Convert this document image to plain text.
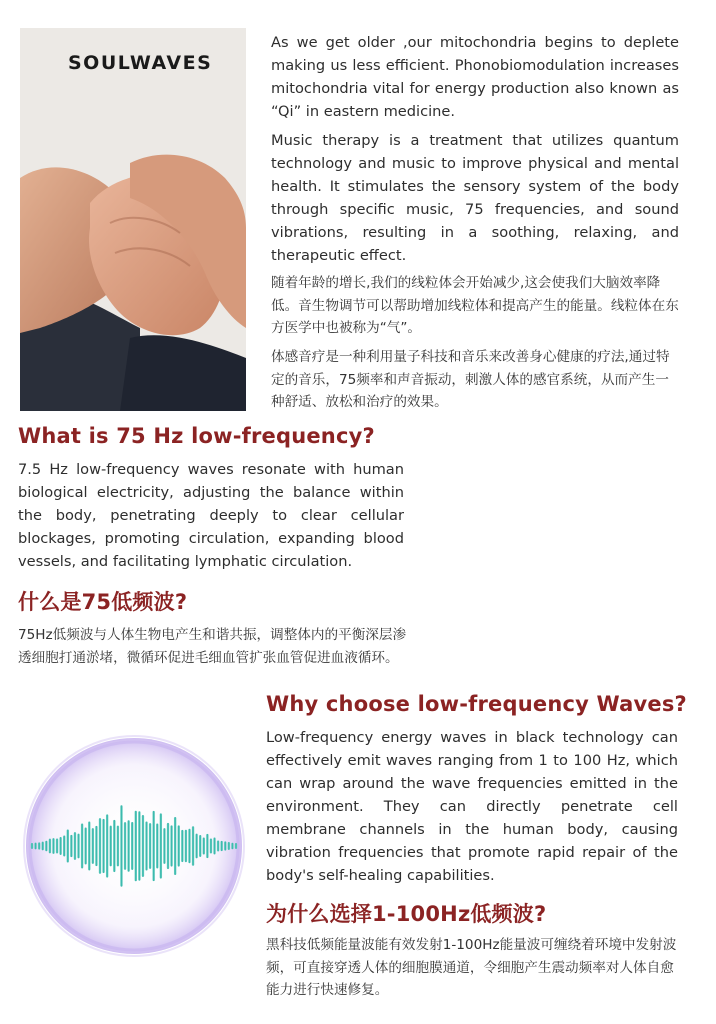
SOULWAVES

As we get older ,our mitochondria begins to deplete making us less efficient. Phonobiomodulation increases mitochondria vital for energy production also known as “Qi” in eastern medicine.

Music therapy is a treatment that utilizes quantum technology and music to improve physical and mental health. It stimulates the sensory system of the body through specific music, 75 frequencies, and sound vibrations, resulting in a soothing, relaxing, and therapeutic effect.

随着年龄的增长,我们的线粒体会开始减少,这会使我们大脑效率降低。音生物调节可以帮助增加线粒体和提高产生的能量。线粒体在东方医学中也被称为“气”。

体感音疗是一种利用量子科技和音乐来改善身心健康的疗法,通过特定的音乐，75频率和声音振动，刺激人体的感官系统，从而产生一种舒适、放松和治疗的效果。

What is 75 Hz low-frequency?

7.5 Hz low-frequency waves resonate with human biological electricity, adjusting the balance within the body, penetrating deeply to clear cellular blockages, promoting circulation, expanding blood vessels, and facilitating lymphatic circulation.

什么是75低频波?

75Hz低频波与人体生物电产生和谐共振，调整体内的平衡深层渗透细胞打通淤堵，微循环促进毛细血管扩张血管促进血液循环。

Why choose low-frequency Waves?

Low-frequency energy waves in black technology can effectively emit waves ranging from 1 to 100 Hz, which can wrap around the wave frequencies emitted in the environment. They can directly penetrate cell membrane channels in the human body, causing vibration frequencies that promote rapid repair of the body's self-healing capabilities.

为什么选择1-100Hz低频波?

黑科技低频能量波能有效发射1-100Hz能量波可缠绕着环境中发射波频，可直接穿透人体的细胞膜通道，令细胞产生震动频率对人体自愈能力进行快速修复。
